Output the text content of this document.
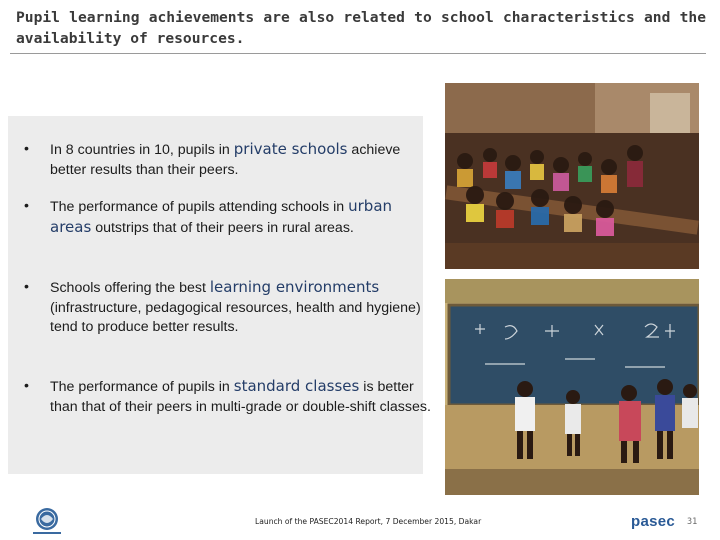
Pupil learning achievements are also related to school characteristics and the availability of resources.
•	In 8 countries in 10, pupils in private schools achieve better results than their peers.
•	The performance of pupils attending schools in urban areas outstrips that of their peers in rural areas.
•	Schools offering the best learning environments (infrastructure, pedagogical resources, health and hygiene) tend to produce better results.
•	The performance of pupils in standard classes is better than that of their peers in multi-grade or double-shift classes.
Launch of the PASEC2014 Report, 7 December 2015, Dakar	pasec 31
